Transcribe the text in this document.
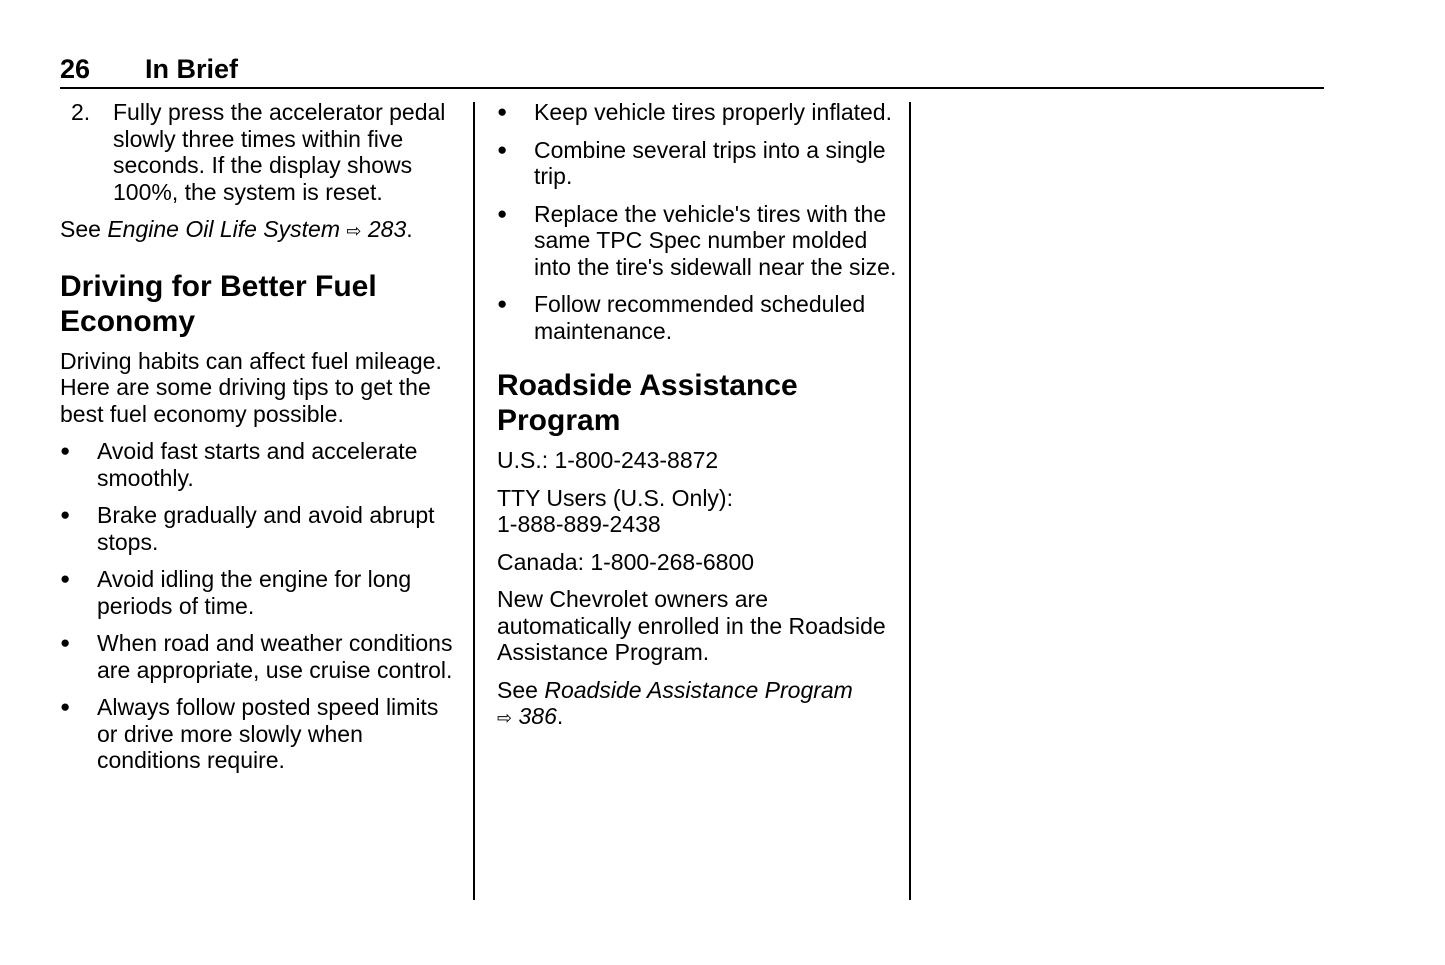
26 In Brief
2. Fully press the accelerator pedal slowly three times within five seconds. If the display shows 100%, the system is reset.

See Engine Oil Life System ⇨ 283.

Driving for Better Fuel Economy

Driving habits can affect fuel mileage. Here are some driving tips to get the best fuel economy possible.

● Avoid fast starts and accelerate smoothly.
● Brake gradually and avoid abrupt stops.
● Avoid idling the engine for long periods of time.
● When road and weather conditions are appropriate, use cruise control.
● Always follow posted speed limits or drive more slowly when conditions require.
● Keep vehicle tires properly inflated.
● Combine several trips into a single trip.
● Replace the vehicle's tires with the same TPC Spec number molded into the tire's sidewall near the size.
● Follow recommended scheduled maintenance.
Roadside Assistance Program

U.S.: 1-800-243-8872

TTY Users (U.S. Only):
1-888-889-2438

Canada: 1-800-268-6800

New Chevrolet owners are automatically enrolled in the Roadside Assistance Program.

See Roadside Assistance Program
⇨ 386.
